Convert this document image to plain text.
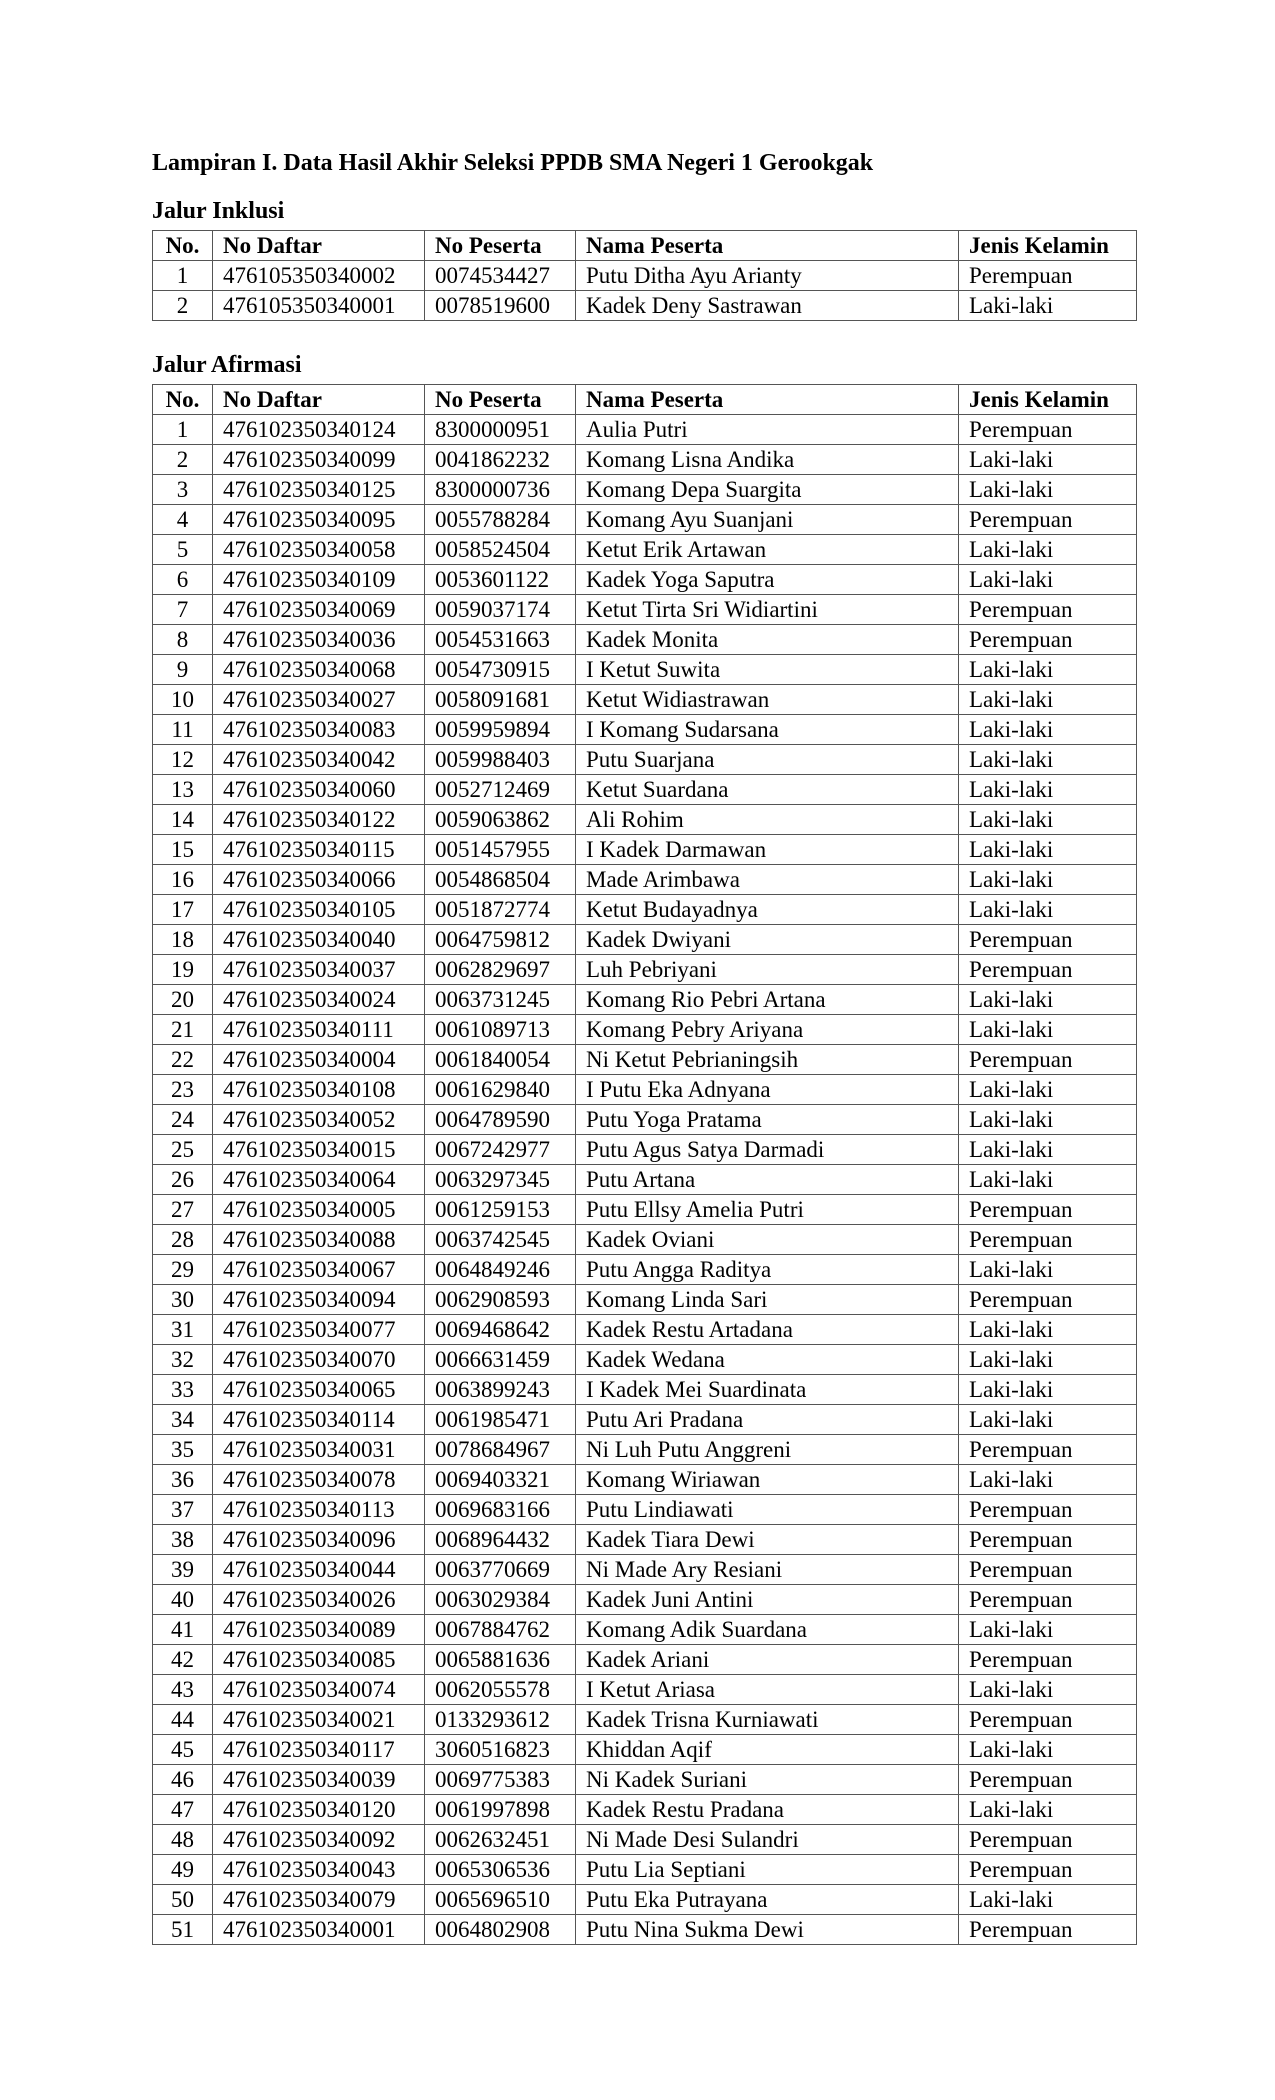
Lampiran I. Data Hasil Akhir Seleksi PPDB SMA Negeri 1 Gerookgak
Jalur Inklusi
No.	No Daftar	No Peserta	Nama Peserta	Jenis Kelamin
1	476105350340002	0074534427	Putu Ditha Ayu Arianty	Perempuan
2	476105350340001	0078519600	Kadek Deny Sastrawan	Laki-laki
Jalur Afirmasi
No.	No Daftar	No Peserta	Nama Peserta	Jenis Kelamin
1	476102350340124	8300000951	Aulia Putri	Perempuan
2	476102350340099	0041862232	Komang Lisna Andika	Laki-laki
3	476102350340125	8300000736	Komang Depa Suargita	Laki-laki
4	476102350340095	0055788284	Komang Ayu Suanjani	Perempuan
5	476102350340058	0058524504	Ketut Erik Artawan	Laki-laki
6	476102350340109	0053601122	Kadek Yoga Saputra	Laki-laki
7	476102350340069	0059037174	Ketut Tirta Sri Widiartini	Perempuan
8	476102350340036	0054531663	Kadek Monita	Perempuan
9	476102350340068	0054730915	I Ketut Suwita	Laki-laki
10	476102350340027	0058091681	Ketut Widiastrawan	Laki-laki
11	476102350340083	0059959894	I Komang Sudarsana	Laki-laki
12	476102350340042	0059988403	Putu Suarjana	Laki-laki
13	476102350340060	0052712469	Ketut Suardana	Laki-laki
14	476102350340122	0059063862	Ali Rohim	Laki-laki
15	476102350340115	0051457955	I Kadek Darmawan	Laki-laki
16	476102350340066	0054868504	Made Arimbawa	Laki-laki
17	476102350340105	0051872774	Ketut Budayadnya	Laki-laki
18	476102350340040	0064759812	Kadek Dwiyani	Perempuan
19	476102350340037	0062829697	Luh Pebriyani	Perempuan
20	476102350340024	0063731245	Komang Rio Pebri Artana	Laki-laki
21	476102350340111	0061089713	Komang Pebry Ariyana	Laki-laki
22	476102350340004	0061840054	Ni Ketut Pebrianingsih	Perempuan
23	476102350340108	0061629840	I Putu Eka Adnyana	Laki-laki
24	476102350340052	0064789590	Putu Yoga Pratama	Laki-laki
25	476102350340015	0067242977	Putu Agus Satya Darmadi	Laki-laki
26	476102350340064	0063297345	Putu Artana	Laki-laki
27	476102350340005	0061259153	Putu Ellsy Amelia Putri	Perempuan
28	476102350340088	0063742545	Kadek Oviani	Perempuan
29	476102350340067	0064849246	Putu Angga Raditya	Laki-laki
30	476102350340094	0062908593	Komang Linda Sari	Perempuan
31	476102350340077	0069468642	Kadek Restu Artadana	Laki-laki
32	476102350340070	0066631459	Kadek Wedana	Laki-laki
33	476102350340065	0063899243	I Kadek Mei Suardinata	Laki-laki
34	476102350340114	0061985471	Putu Ari Pradana	Laki-laki
35	476102350340031	0078684967	Ni Luh Putu Anggreni	Perempuan
36	476102350340078	0069403321	Komang Wiriawan	Laki-laki
37	476102350340113	0069683166	Putu Lindiawati	Perempuan
38	476102350340096	0068964432	Kadek Tiara Dewi	Perempuan
39	476102350340044	0063770669	Ni Made Ary Resiani	Perempuan
40	476102350340026	0063029384	Kadek Juni Antini	Perempuan
41	476102350340089	0067884762	Komang Adik Suardana	Laki-laki
42	476102350340085	0065881636	Kadek Ariani	Perempuan
43	476102350340074	0062055578	I Ketut Ariasa	Laki-laki
44	476102350340021	0133293612	Kadek Trisna Kurniawati	Perempuan
45	476102350340117	3060516823	Khiddan Aqif	Laki-laki
46	476102350340039	0069775383	Ni Kadek Suriani	Perempuan
47	476102350340120	0061997898	Kadek Restu Pradana	Laki-laki
48	476102350340092	0062632451	Ni Made Desi Sulandri	Perempuan
49	476102350340043	0065306536	Putu Lia Septiani	Perempuan
50	476102350340079	0065696510	Putu Eka Putrayana	Laki-laki
51	476102350340001	0064802908	Putu Nina Sukma Dewi	Perempuan
